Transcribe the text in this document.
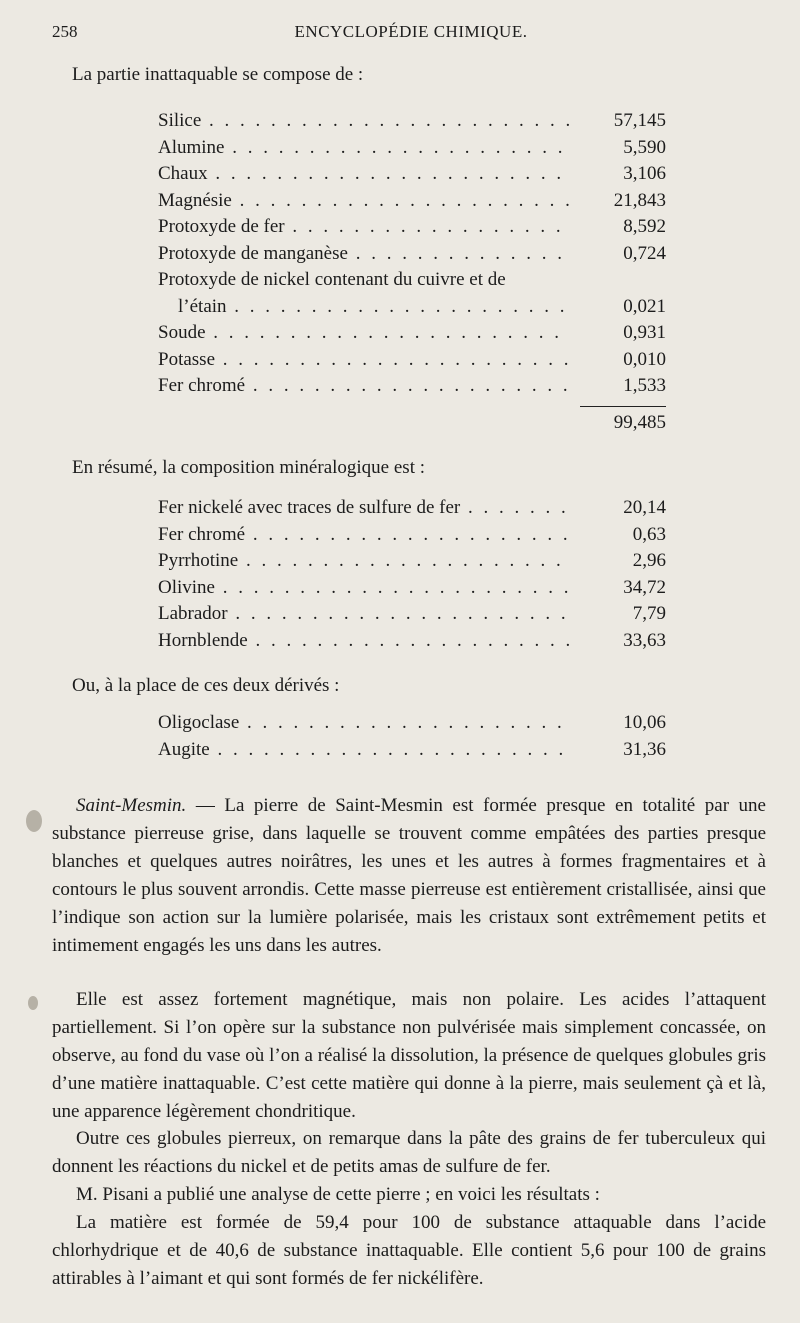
258	ENCYCLOPÉDIE CHIMIQUE.
La partie inattaquable se compose de :
Silice . . .	57,145
Alumine . . .	5,590
Chaux . . .	3,106
Magnésie . . .	21,843
Protoxyde de fer . . .	8,592
Protoxyde de manganèse . . .	0,724
Protoxyde de nickel contenant du cuivre et de
l’étain . . .	0,021
Soude . . .	0,931
Potasse . . .	0,010
Fer chromé . . .	1,533
99,485
En résumé, la composition minéralogique est :
Fer nickelé avec traces de sulfure de fer . . .	20,14
Fer chromé . . .	0,63
Pyrrhotine . . .	2,96
Olivine . . .	34,72
Labrador . . .	7,79
Hornblende . . .	33,63
Ou, à la place de ces deux dérivés :
Oligoclase . . .	10,06
Augite . . .	31,36

Saint-Mesmin. — La pierre de Saint-Mesmin est formée presque en totalité par une substance pierreuse grise, dans laquelle se trouvent comme empâtées des parties presque blanches et quelques autres noirâtres, les unes et les autres à formes fragmentaires et à contours le plus souvent arrondis. Cette masse pierreuse est entièrement cristallisée, ainsi que l’indique son action sur la lumière polarisée, mais les cristaux sont extrêmement petits et intimement engagés les uns dans les autres.

Elle est assez fortement magnétique, mais non polaire. Les acides l’attaquent partiellement. Si l’on opère sur la substance non pulvérisée mais simplement concassée, on observe, au fond du vase où l’on a réalisé la dissolution, la présence de quelques globules gris d’une matière inattaquable. C’est cette matière qui donne à la pierre, mais seulement çà et là, une apparence légèrement chondritique.

Outre ces globules pierreux, on remarque dans la pâte des grains de fer tuberculeux qui donnent les réactions du nickel et de petits amas de sulfure de fer.

M. Pisani a publié une analyse de cette pierre ; en voici les résultats :

La matière est formée de 59,4 pour 100 de substance attaquable dans l’acide chlorhydrique et de 40,6 de substance inattaquable. Elle contient 5,6 pour 100 de grains attirables à l’aimant et qui sont formés de fer nickélifère.
